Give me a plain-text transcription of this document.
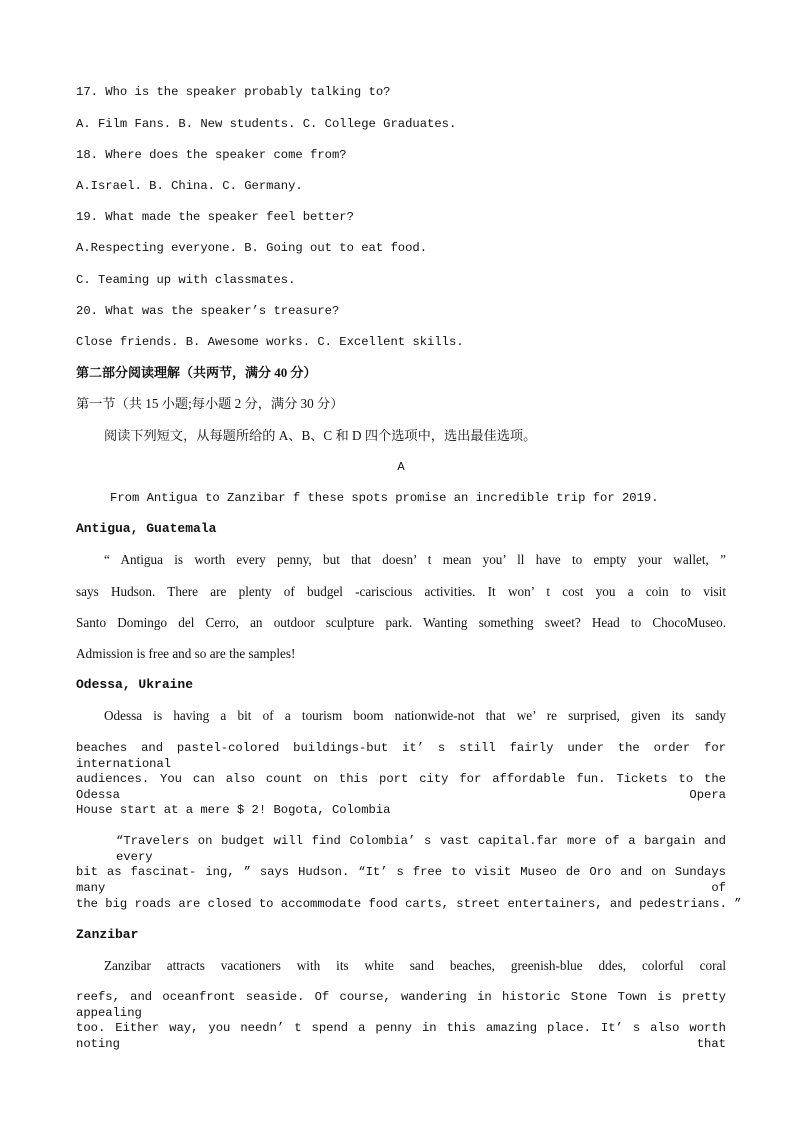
17. Who is the speaker probably talking to?
A. Film Fans. B. New students. C. College Graduates.
18. Where does the speaker come from?
A.Israel. B. China. C. Germany.
19. What made the speaker feel better?
A.Respecting everyone. B. Going out to eat food.
C. Teaming up with classmates.
20. What was the speaker’s treasure?
Close friends. B. Awesome works. C. Excellent skills.
第二部分阅读理解（共两节，满分 40 分）
第一节（共 15 小题;每小题 2 分，满分 30 分）
阅读下列短文，从每题所给的 A、B、C 和 D 四个选项中，选出最佳选项。
A
From Antigua to Zanzibar f these spots promise an incredible trip for 2019.
Antigua, Guatemala
“ Antigua is worth every penny, but that doesn’ t mean you’ ll have to empty your wallet, ”
says Hudson. There are plenty of budgel -cariscious activities. It won’ t cost you a coin to visit
Santo Domingo del Cerro, an outdoor sculpture park. Wanting something sweet? Head to ChocoMuseo.
Admission is free and so are the samples!
Odessa, Ukraine
Odessa is having a bit of a tourism boom nationwide-not that we’ re surprised, given its sandy
beaches and pastel-colored buildings-but it’ s still fairly under the order for international
audiences. You can also count on this port city for affordable fun. Tickets to the Odessa Opera
House start at a mere $ 2! Bogota, Colombia
“Travelers on budget will find Colombia’ s vast capital.far more of a bargain and every
bit as fascinat- ing, ” says Hudson. “It’ s free to visit Museo de Oro and on Sundays many of
the big roads are closed to accommodate food carts, street entertainers, and pedestrians. ”
Zanzibar
Zanzibar attracts vacationers with its white sand beaches, greenish-blue ddes, colorful coral
reefs, and oceanfront seaside. Of course, wandering in historic Stone Town is pretty appealing
too. Either way, you needn’ t spend a penny in this amazing place. It’ s also worth noting that
